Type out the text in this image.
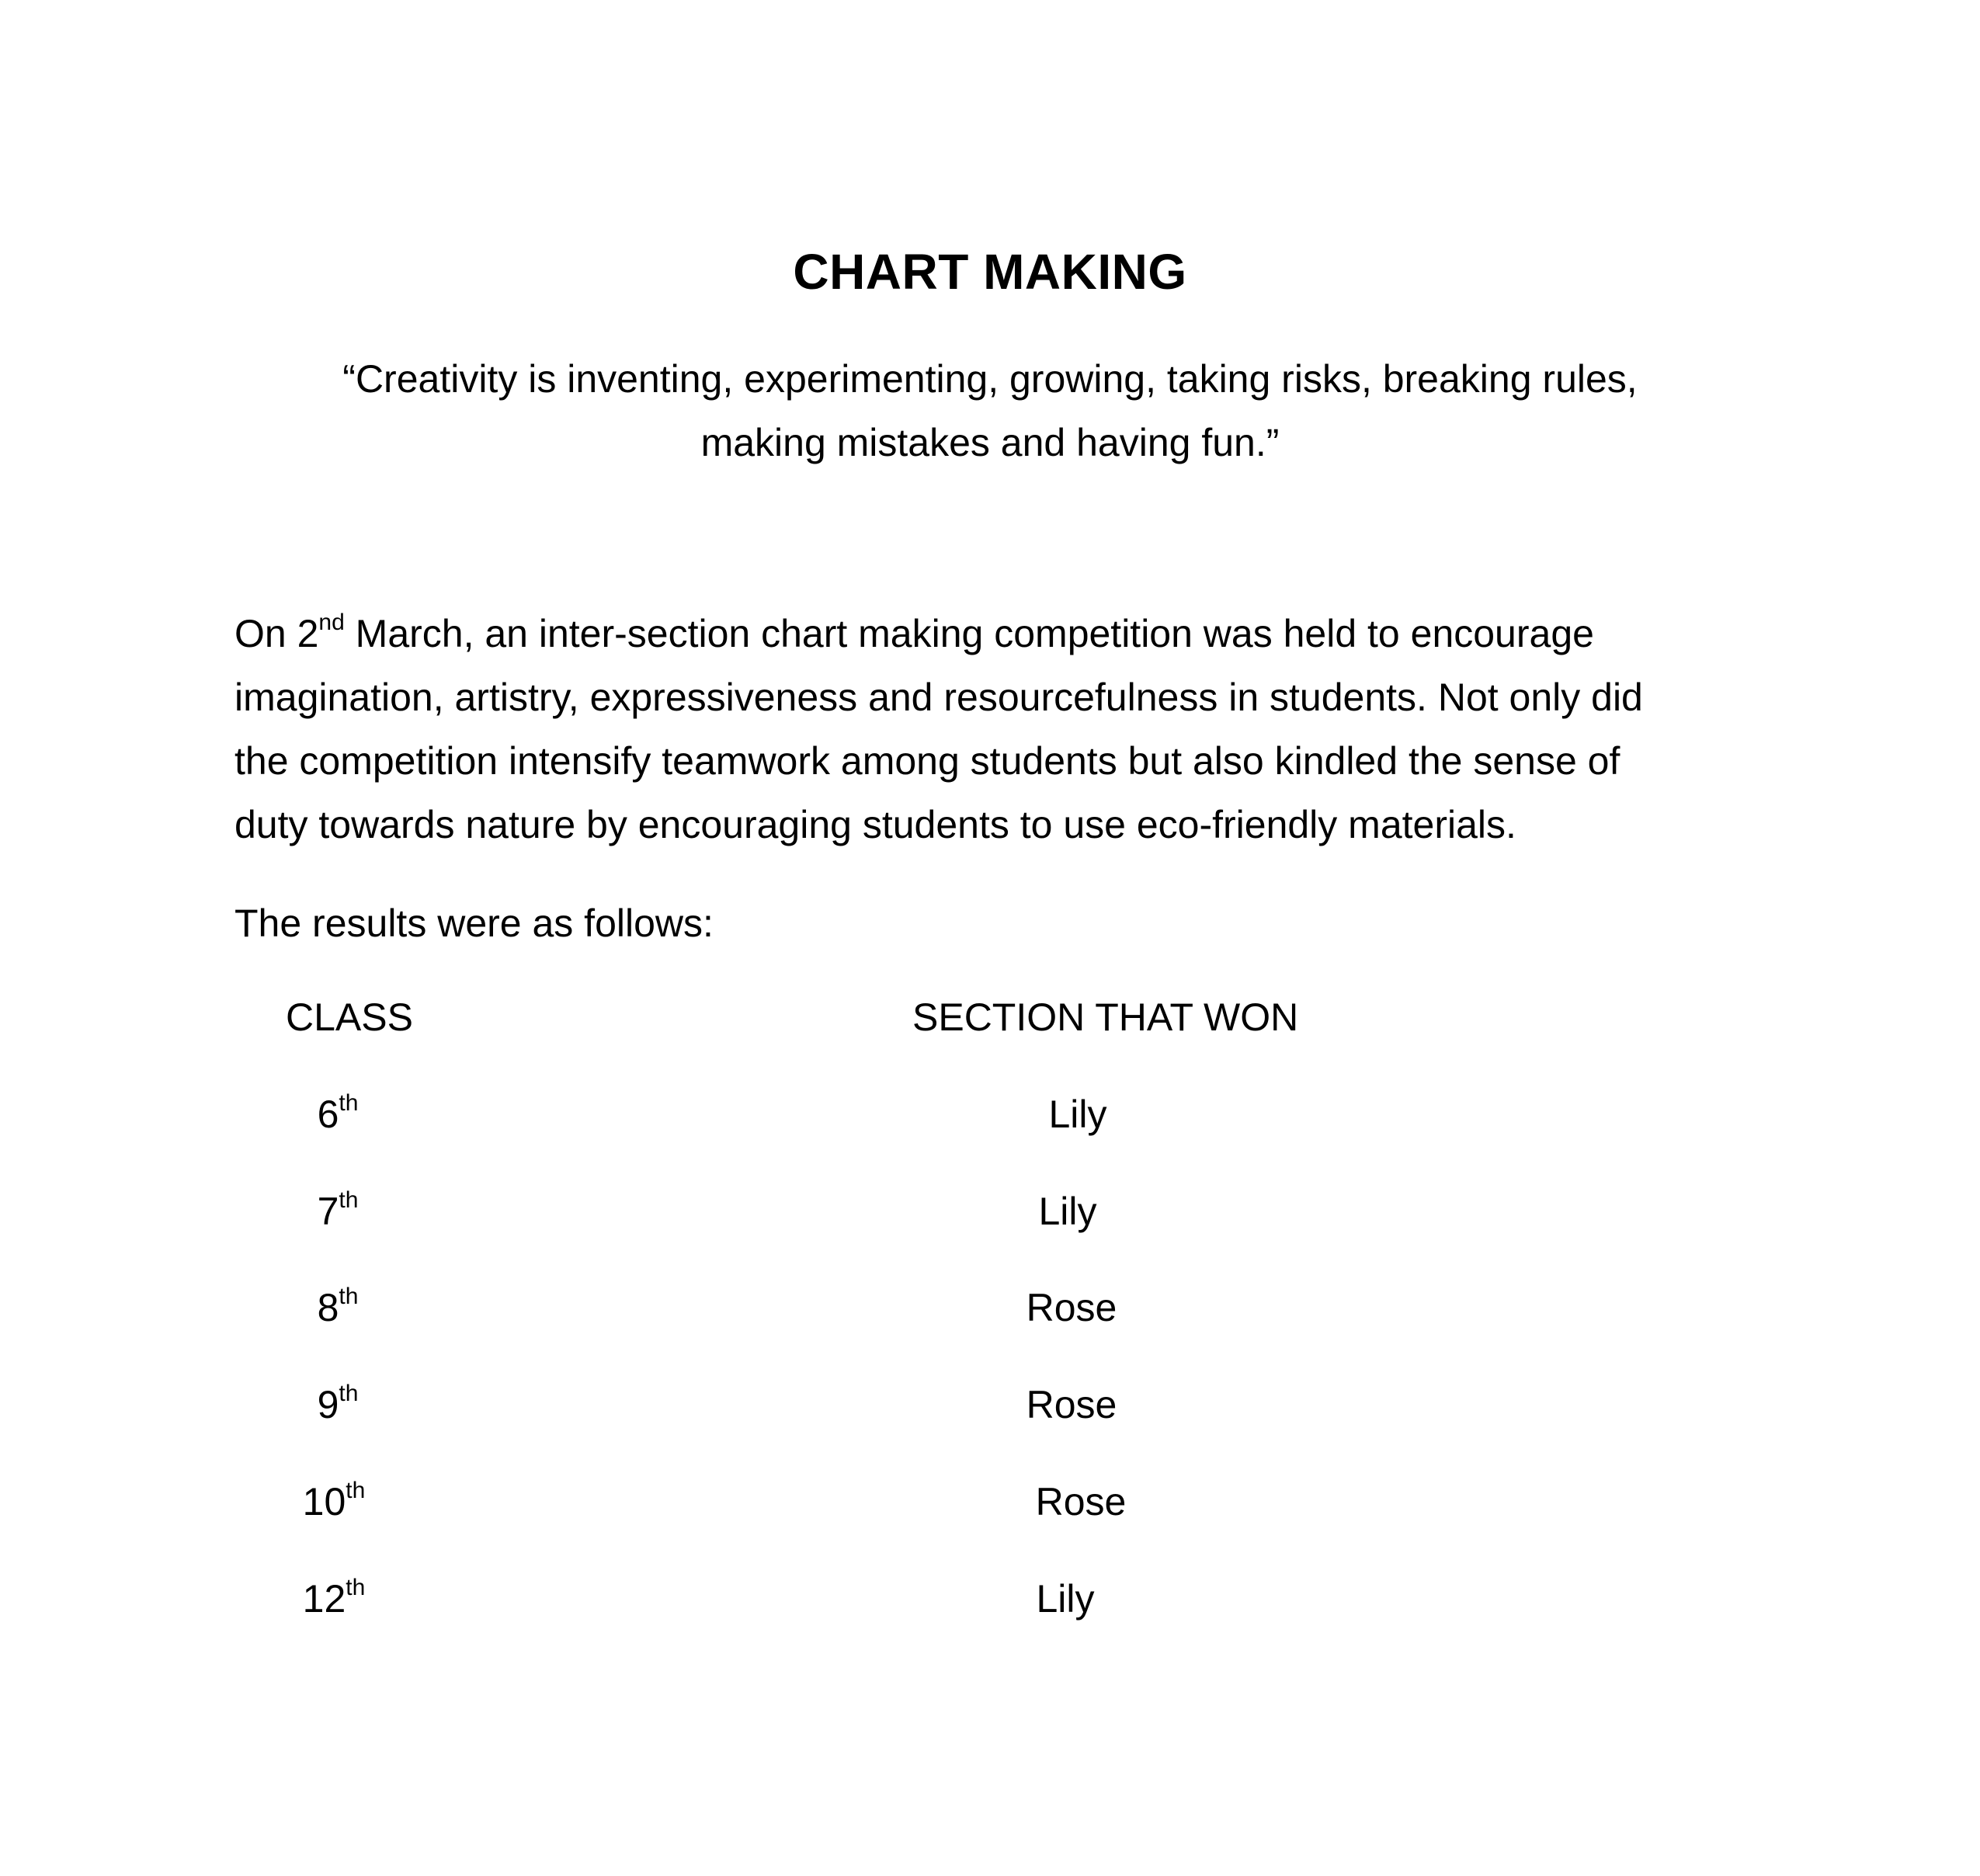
CHART MAKING
“Creativity is inventing, experimenting, growing, taking risks, breaking rules,
making mistakes and having fun.”
On 2nd March, an inter-section chart making competition was held to encourage
imagination, artistry, expressiveness and resourcefulness in students. Not only did
the competition intensify teamwork among students but also kindled the sense of
duty towards nature by encouraging students to use eco-friendly materials.
The results were as follows:
CLASS	SECTION THAT WON
6th	Lily
7th	Lily
8th	Rose
9th	Rose
10th	Rose
12th	Lily
